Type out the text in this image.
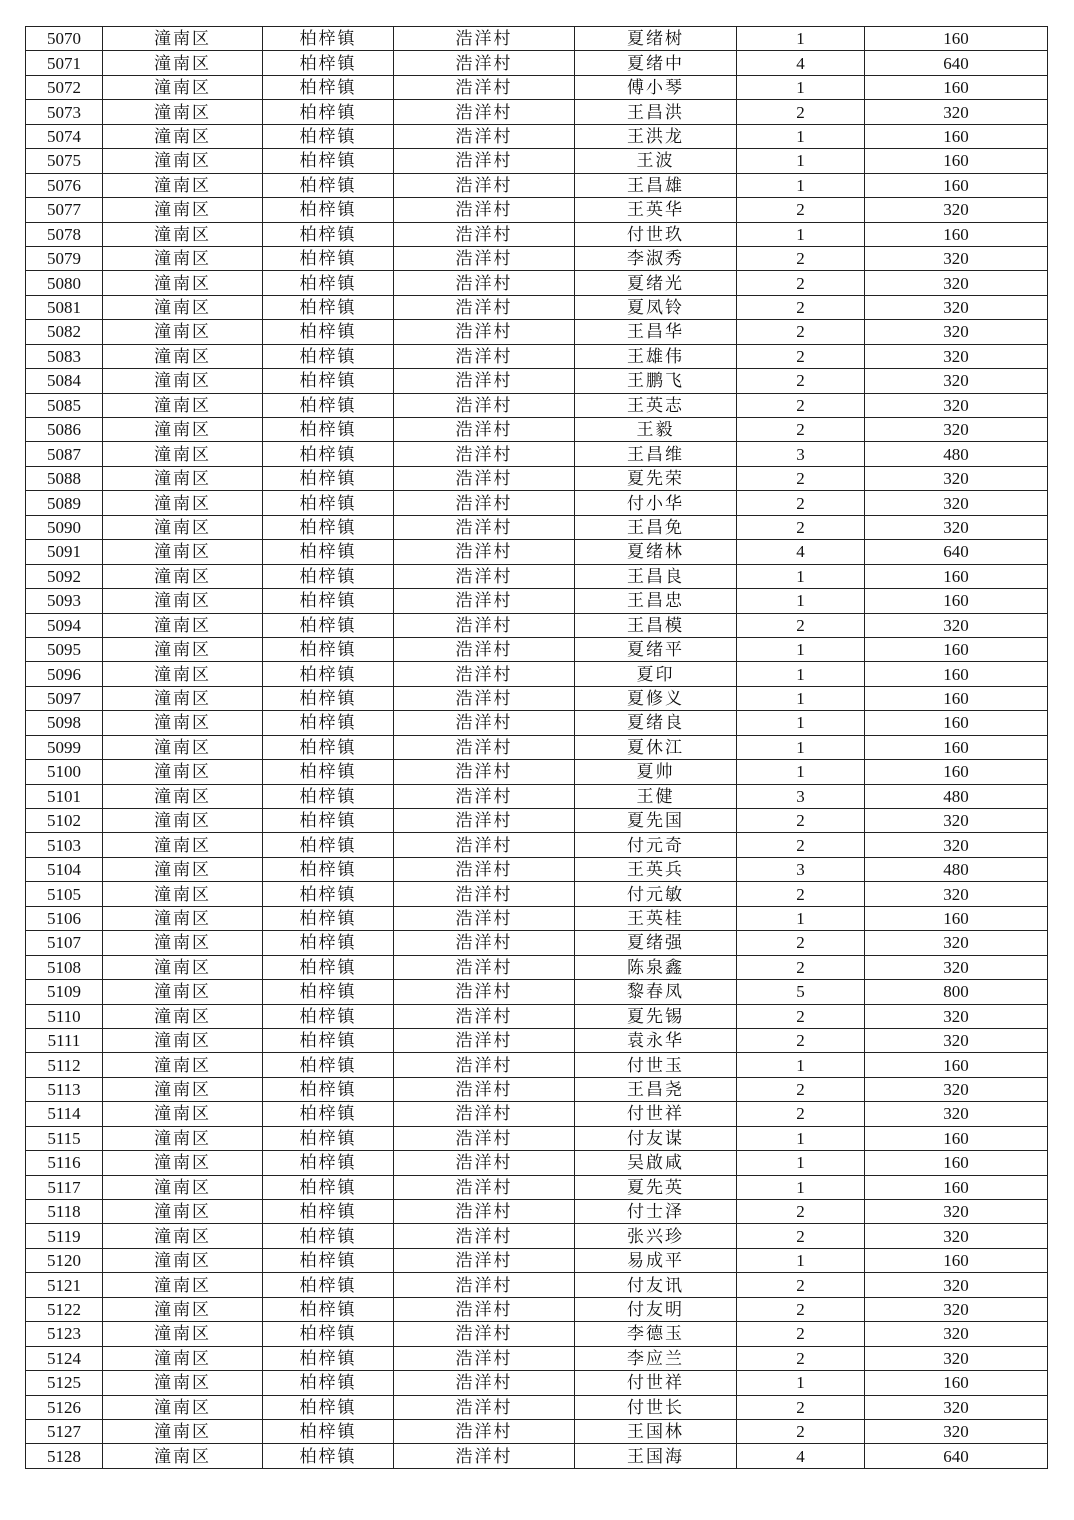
5070	潼南区	柏梓镇	浩洋村	夏绪树	1	160
5071	潼南区	柏梓镇	浩洋村	夏绪中	4	640
5072	潼南区	柏梓镇	浩洋村	傅小琴	1	160
5073	潼南区	柏梓镇	浩洋村	王昌洪	2	320
5074	潼南区	柏梓镇	浩洋村	王洪龙	1	160
5075	潼南区	柏梓镇	浩洋村	王波	1	160
5076	潼南区	柏梓镇	浩洋村	王昌雄	1	160
5077	潼南区	柏梓镇	浩洋村	王英华	2	320
5078	潼南区	柏梓镇	浩洋村	付世玖	1	160
5079	潼南区	柏梓镇	浩洋村	李淑秀	2	320
5080	潼南区	柏梓镇	浩洋村	夏绪光	2	320
5081	潼南区	柏梓镇	浩洋村	夏凤铃	2	320
5082	潼南区	柏梓镇	浩洋村	王昌华	2	320
5083	潼南区	柏梓镇	浩洋村	王雄伟	2	320
5084	潼南区	柏梓镇	浩洋村	王鹏飞	2	320
5085	潼南区	柏梓镇	浩洋村	王英志	2	320
5086	潼南区	柏梓镇	浩洋村	王毅	2	320
5087	潼南区	柏梓镇	浩洋村	王昌维	3	480
5088	潼南区	柏梓镇	浩洋村	夏先荣	2	320
5089	潼南区	柏梓镇	浩洋村	付小华	2	320
5090	潼南区	柏梓镇	浩洋村	王昌免	2	320
5091	潼南区	柏梓镇	浩洋村	夏绪林	4	640
5092	潼南区	柏梓镇	浩洋村	王昌良	1	160
5093	潼南区	柏梓镇	浩洋村	王昌忠	1	160
5094	潼南区	柏梓镇	浩洋村	王昌模	2	320
5095	潼南区	柏梓镇	浩洋村	夏绪平	1	160
5096	潼南区	柏梓镇	浩洋村	夏印	1	160
5097	潼南区	柏梓镇	浩洋村	夏修义	1	160
5098	潼南区	柏梓镇	浩洋村	夏绪良	1	160
5099	潼南区	柏梓镇	浩洋村	夏休江	1	160
5100	潼南区	柏梓镇	浩洋村	夏帅	1	160
5101	潼南区	柏梓镇	浩洋村	王健	3	480
5102	潼南区	柏梓镇	浩洋村	夏先国	2	320
5103	潼南区	柏梓镇	浩洋村	付元奇	2	320
5104	潼南区	柏梓镇	浩洋村	王英兵	3	480
5105	潼南区	柏梓镇	浩洋村	付元敏	2	320
5106	潼南区	柏梓镇	浩洋村	王英桂	1	160
5107	潼南区	柏梓镇	浩洋村	夏绪强	2	320
5108	潼南区	柏梓镇	浩洋村	陈泉鑫	2	320
5109	潼南区	柏梓镇	浩洋村	黎春凤	5	800
5110	潼南区	柏梓镇	浩洋村	夏先锡	2	320
5111	潼南区	柏梓镇	浩洋村	袁永华	2	320
5112	潼南区	柏梓镇	浩洋村	付世玉	1	160
5113	潼南区	柏梓镇	浩洋村	王昌尧	2	320
5114	潼南区	柏梓镇	浩洋村	付世祥	2	320
5115	潼南区	柏梓镇	浩洋村	付友谋	1	160
5116	潼南区	柏梓镇	浩洋村	吴啟咸	1	160
5117	潼南区	柏梓镇	浩洋村	夏先英	1	160
5118	潼南区	柏梓镇	浩洋村	付士泽	2	320
5119	潼南区	柏梓镇	浩洋村	张兴珍	2	320
5120	潼南区	柏梓镇	浩洋村	易成平	1	160
5121	潼南区	柏梓镇	浩洋村	付友讯	2	320
5122	潼南区	柏梓镇	浩洋村	付友明	2	320
5123	潼南区	柏梓镇	浩洋村	李德玉	2	320
5124	潼南区	柏梓镇	浩洋村	李应兰	2	320
5125	潼南区	柏梓镇	浩洋村	付世祥	1	160
5126	潼南区	柏梓镇	浩洋村	付世长	2	320
5127	潼南区	柏梓镇	浩洋村	王国林	2	320
5128	潼南区	柏梓镇	浩洋村	王国海	4	640
